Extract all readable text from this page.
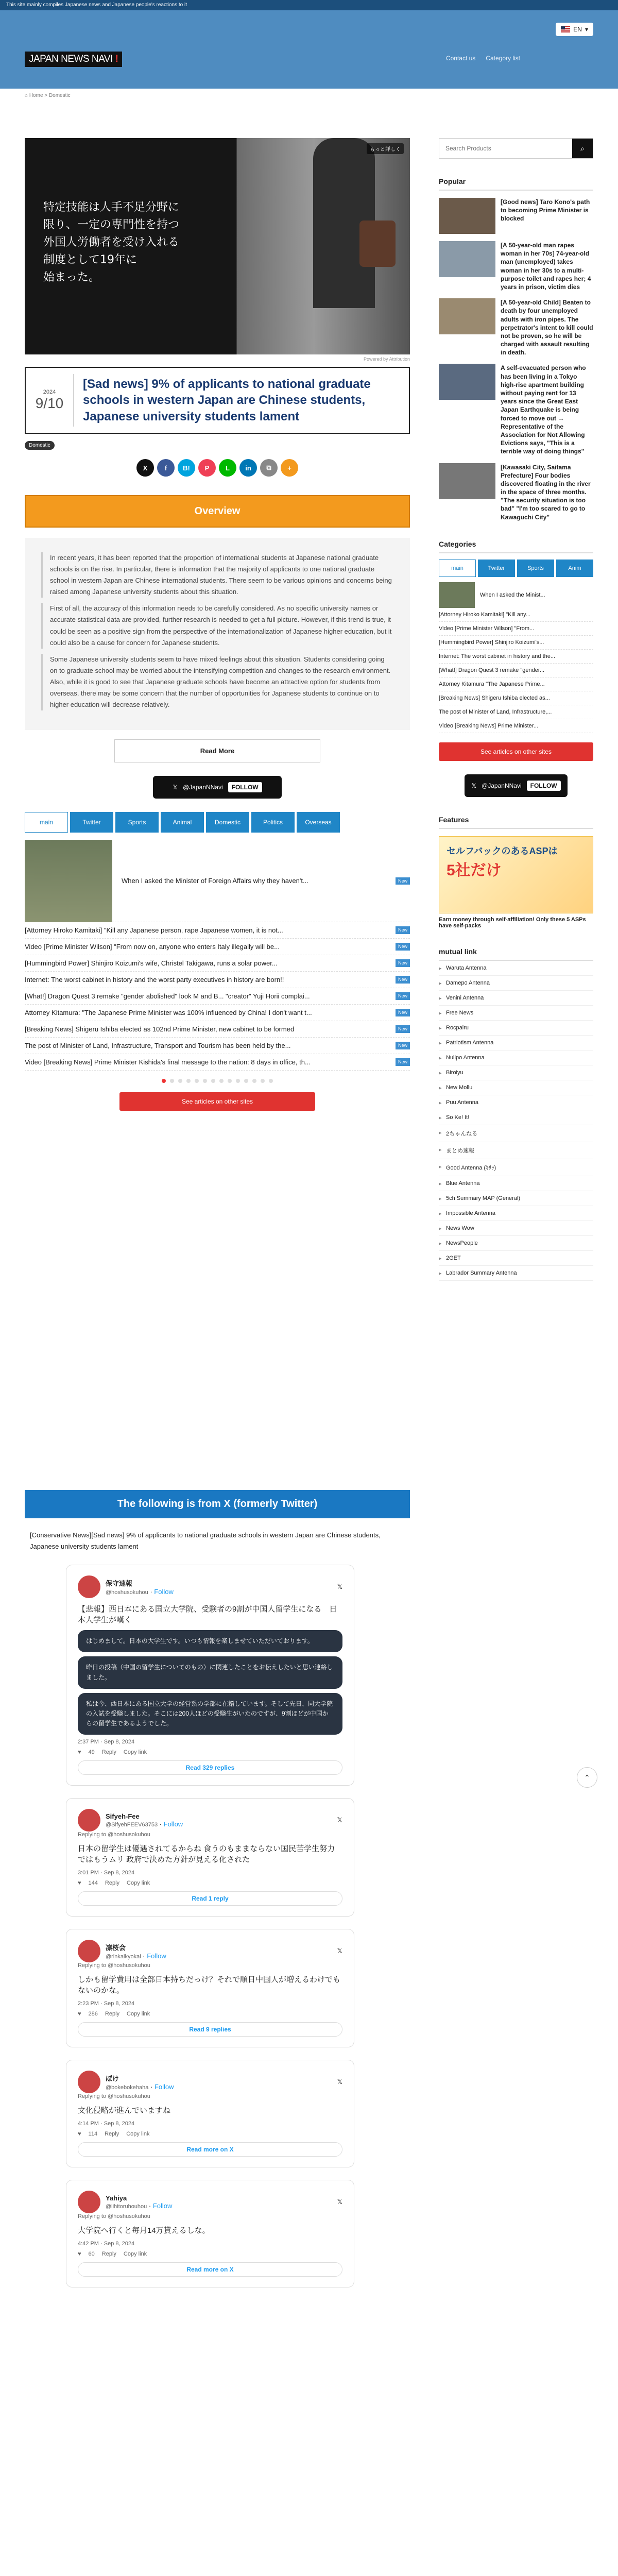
This site mainly compiles Japanese news and Japanese people's reactions to it
JAPAN NEWS NAVI !	Contact us Category list
EN ▾
⌂ Home > Domestic
特定技能は人手不足分野に
限り、一定の専門性を持つ
外国人労働者を受け入れる
制度として19年に
始まった。
もっと詳しく
Powered by Attribution
2024
9/10
[Sad news] 9% of applicants to national graduate schools in western Japan are Chinese students, Japanese university students lament
Domestic
X	f	B!	P	L	in	⧉	+
Overview

In recent years, it has been reported that the proportion of international students at Japanese national graduate schools is on the rise. In particular, there is information that the majority of applicants to one national graduate school in western Japan are Chinese international students. There seem to be various opinions and concerns being raised among Japanese university students about this situation.

First of all, the accuracy of this information needs to be carefully considered. As no specific university names or accurate statistical data are provided, further research is needed to get a full picture. However, if this trend is true, it could be seen as a positive sign from the perspective of the internationalization of Japanese higher education, but it could also be a cause for concern for Japanese students.

Some Japanese university students seem to have mixed feelings about this situation. Students considering going on to graduate school may be worried about the intensifying competition and changes to the research environment. Also, while it is good to see that Japanese graduate schools have become an attractive option for students from overseas, there may be some concern that the number of opportunities for Japanese students to continue on to higher education will decrease relatively.

Read More
𝕏 @JapanNNavi	FOLLOW
main	Twitter	Sports	Animal	Domestic	Politics	Overseas
When I asked the Minister of Foreign Affairs why they haven't...	New
[Attorney Hiroko Kamitaki] "Kill any Japanese person, rape Japanese women, it is not...	New
Video [Prime Minister Wilson] "From now on, anyone who enters Italy illegally will be...	New
[Hummingbird Power] Shinjiro Koizumi's wife, Christel Takigawa, runs a solar power...	New
Internet: The worst cabinet in history and the worst party executives in history are born!!	New
[What!] Dragon Quest 3 remake "gender abolished" look M and B... "creator" Yuji Horii complai...	New
Attorney Kitamura: "The Japanese Prime Minister was 100% influenced by China! I don't want t...	New
[Breaking News] Shigeru Ishiba elected as 102nd Prime Minister, new cabinet to be formed	New
The post of Minister of Land, Infrastructure, Transport and Tourism has been held by the...	New
Video [Breaking News] Prime Minister Kishida's final message to the nation: 8 days in office, th...	New
See articles on other sites
The following is from X (formerly Twitter)
[Conservative News][Sad news] 9% of applicants to national graduate schools in western Japan are Chinese students, Japanese university students lament
保守速報
@hoshusokuhou · Follow
𝕏
【悲報】西日本にある国立大学院、受験者の9割が中国人留学生になる　日本人学生が嘆く
はじめまして。日本の大学生です。いつも情報を楽しませていただいております。
昨日の投稿（中国の留学生についてのもの）に関連したことをお伝えしたいと思い連絡しました。
私は今、西日本にある国立大学の経営系の学部に在籍しています。そして先日、同大学院の入試を受験しました。そこには200人ほどの受験生がいたのですが、9割ほどが中国からの留学生であるようでした。
2:37 PM · Sep 8, 2024
♥ 49 Reply Copy link
Read 329 replies
Sifyeh-Fee
@SifyehFEEV63753 · Follow
𝕏
Replying to @hoshusokuhou
日本の留学生は優遇されてるからね 食うのもままならない国民苦学生努力ではもうムリ 政府で決めた方針が見える化された
3:01 PM · Sep 8, 2024
♥ 144 Reply Copy link
Read 1 reply
凛桜会
@rinkaikyokai · Follow
𝕏
Replying to @hoshusokuhou
しかも留学費用は全部日本持ちだっけ？それで順日中国人が増えるわけでもないのかな。
2:23 PM · Sep 8, 2024
♥ 286 Reply Copy link
Read 9 replies
ぼけ
@bokebokehaha · Follow
𝕏
Replying to @hoshusokuhou
文化侵略が進んでいますね
4:14 PM · Sep 8, 2024
♥ 114 Reply Copy link
Read more on X
Yahiya
@lihitoruhouhou · Follow
𝕏
Replying to @hoshusokuhou
大学院へ行くと毎月14万貰えるしな。
4:42 PM · Sep 8, 2024
♥ 60 Reply Copy link
Read more on X
⌃
Search Products
⌕
Popular
[Good news] Taro Kono's path to becoming Prime Minister is blocked
[A 50-year-old man rapes woman in her 70s] 74-year-old man (unemployed) takes woman in her 30s to a multi-purpose toilet and rapes her; 4 years in prison, victim dies
[A 50-year-old Child] Beaten to death by four unemployed adults with iron pipes. The perpetrator's intent to kill could not be proven, so he will be charged with assault resulting in death.
A self-evacuated person who has been living in a Tokyo high-rise apartment building without paying rent for 13 years since the Great East Japan Earthquake is being forced to move out → Representative of the Association for Not Allowing Evictions says, "This is a terrible way of doing things"
[Kawasaki City, Saitama Prefecture] Four bodies discovered floating in the river in the space of three months. "The security situation is too bad" "I'm too scared to go to Kawaguchi City"
Categories
main	Twitter	Sports	Anim
When I asked the Minist...
[Attorney Hiroko Kamitaki] "Kill any...
Video [Prime Minister Wilson] "From...
[Hummingbird Power] Shinjiro Koizumi's...
Internet: The worst cabinet in history and the...
[What!] Dragon Quest 3 remake "gender...
Attorney Kitamura "The Japanese Prime...
[Breaking News] Shigeru Ishiba elected as...
The post of Minister of Land, Infrastructure,...
Video [Breaking News] Prime Minister...
See articles on other sites
𝕏 @JapanNNavi	FOLLOW
Features
セルフバックのあるASPは
5社だけ
Earn money through self-affiliation! Only these 5 ASPs have self-packs
mutual link
▸ Waruta Antenna
▸ Damepo Antenna
▸ Venini Antenna
▸ Free News
▸ Rocpairu
▸ Patriotism Antenna
▸ Nullpo Antenna
▸ Biroiyu
▸ New Mollu
▸ Puu Antenna
▸ So Ke! It!
▸ 2ちゃんねる
▸ まとめ速報
▸ Good Antenna (ｷﾘｯ)
▸ Blue Antenna
▸ 5ch Summary MAP (General)
▸ Impossible Antenna
▸ News Wow
▸ NewsPeople
▸ 2GET
▸ Labrador Summary Antenna
